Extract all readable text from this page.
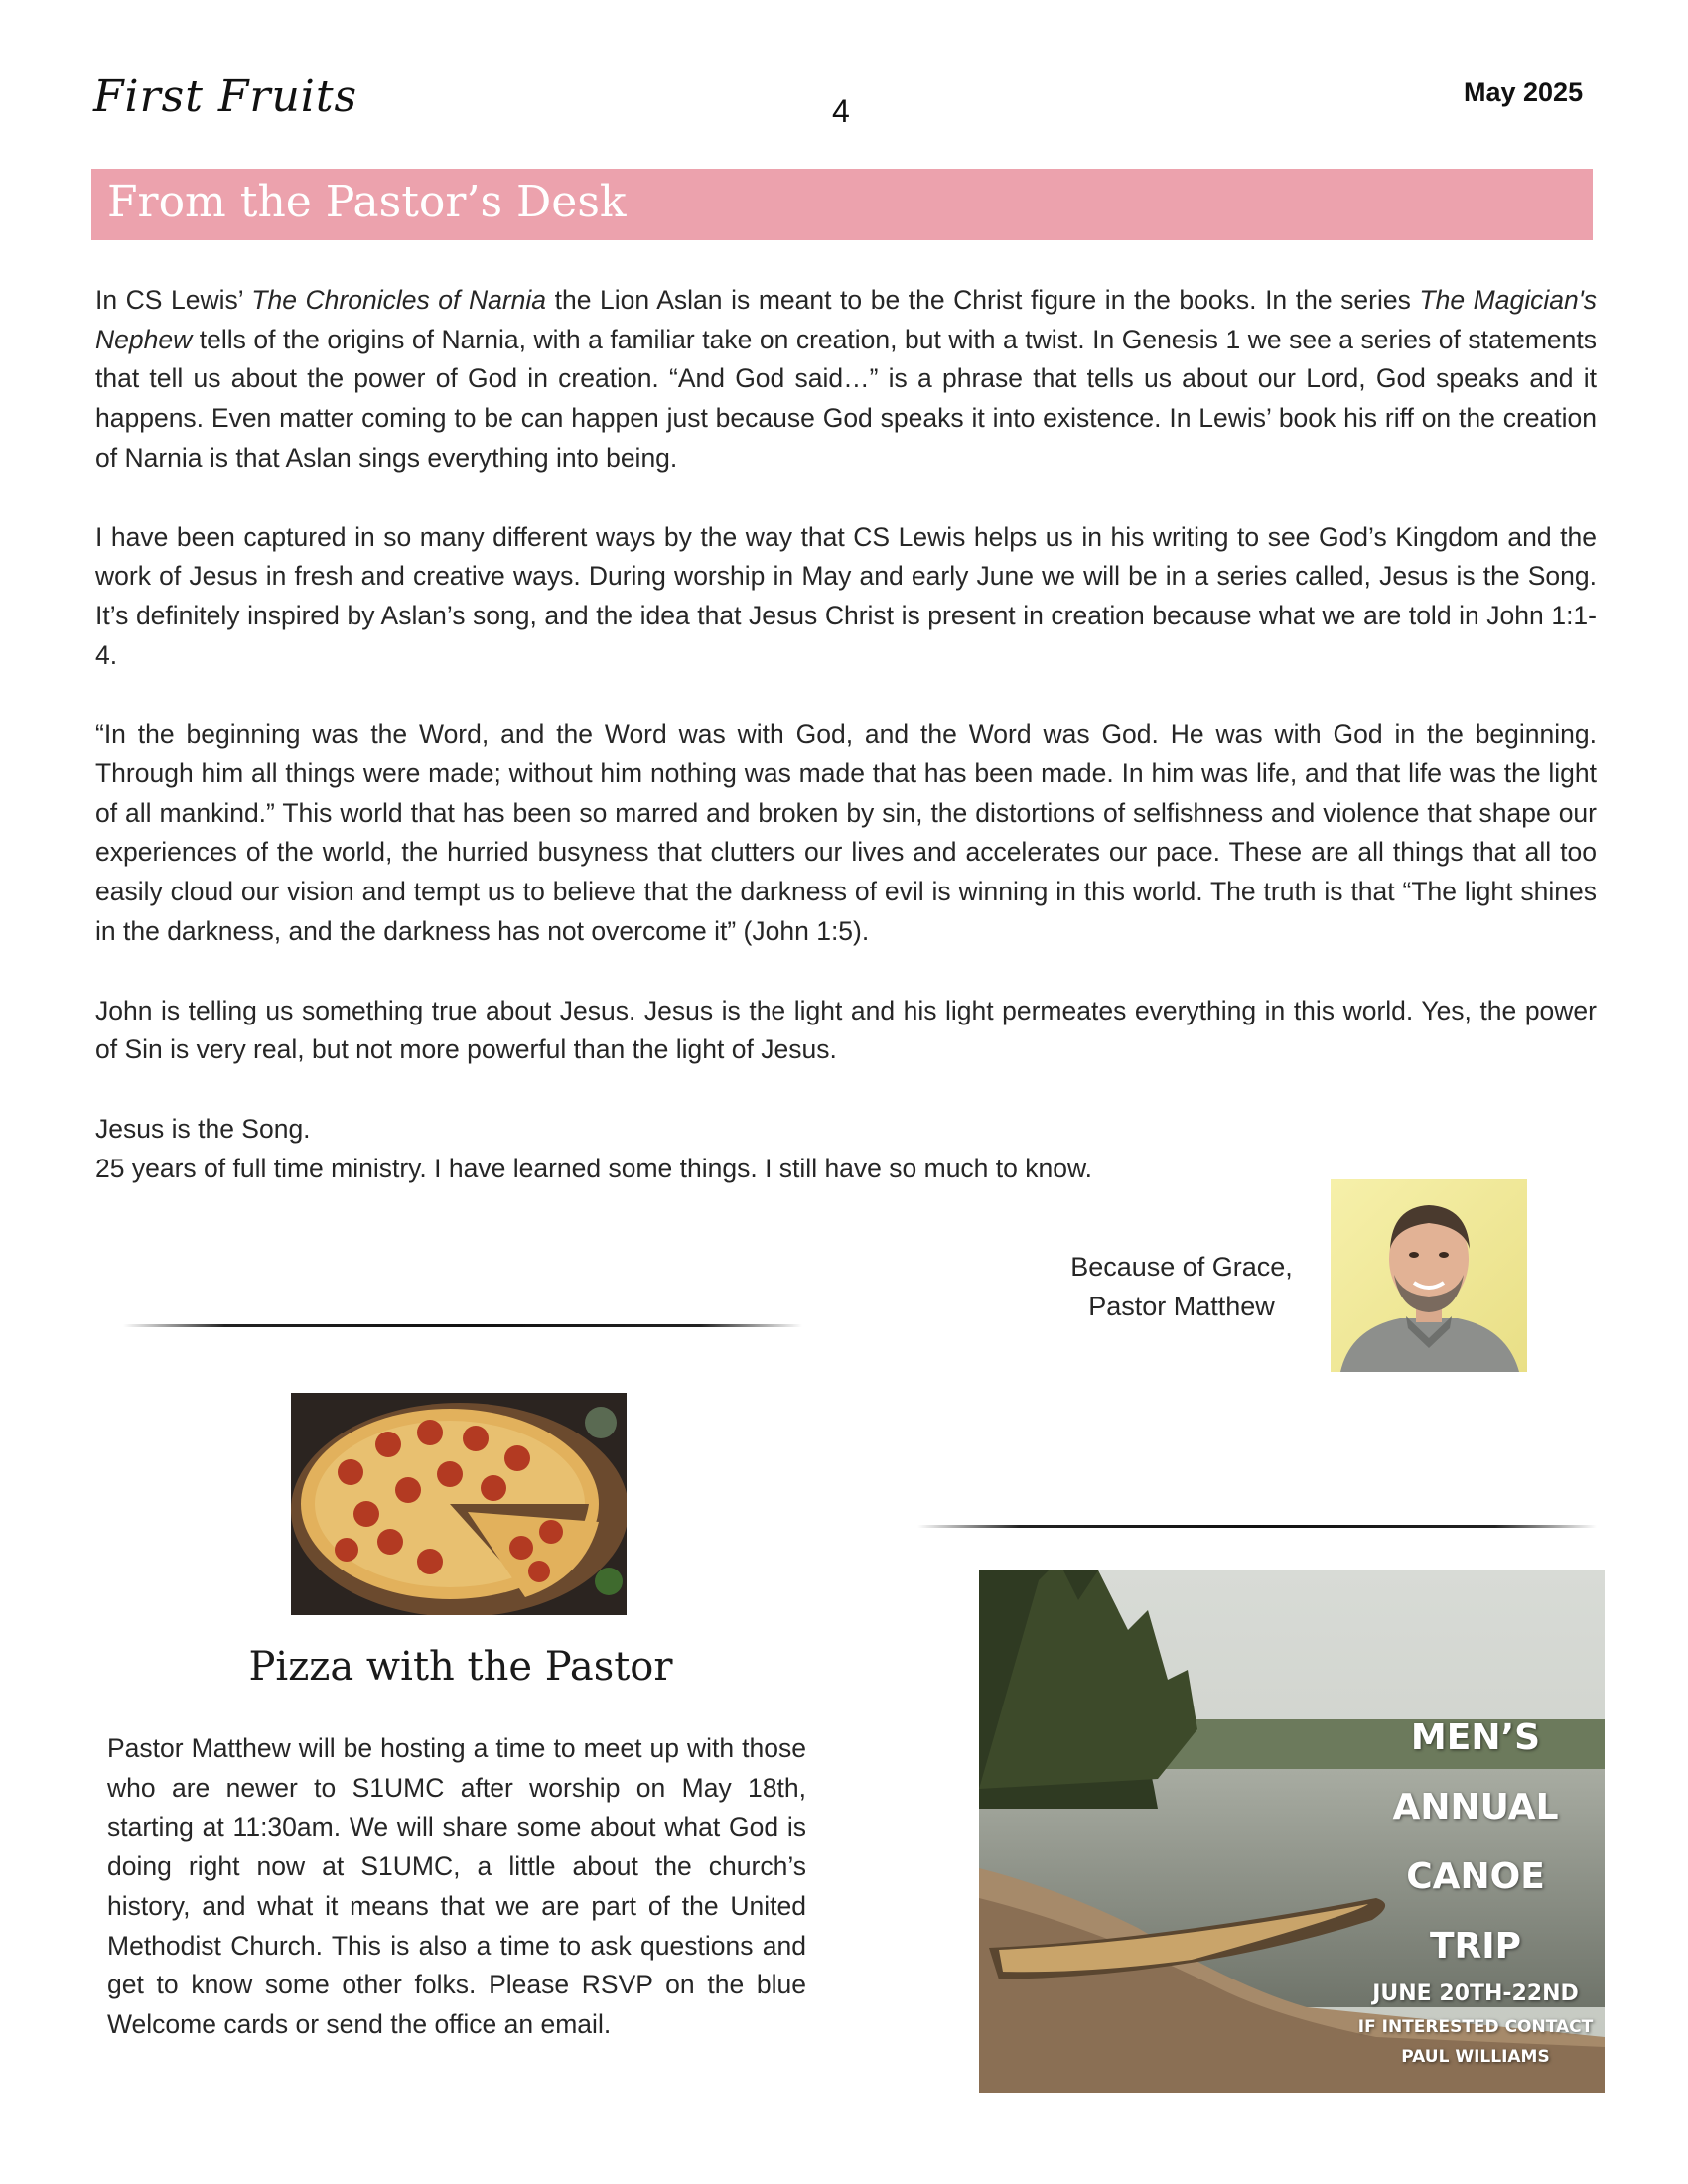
First Fruits	4
May 2025
From the Pastor’s Desk

In CS Lewis’ The Chronicles of Narnia the Lion Aslan is meant to be the Christ figure in the books. In the series The Magician's Nephew tells of the origins of Narnia, with a familiar take on creation, but with a twist. In Genesis 1 we see a series of statements that tell us about the power of God in creation. “And God said…” is a phrase that tells us about our Lord, God speaks and it happens. Even matter coming to be can happen just because God speaks it into existence. In Lewis’ book his riff on the creation of Narnia is that Aslan sings everything into being.

I have been captured in so many different ways by the way that CS Lewis helps us in his writing to see God’s Kingdom and the work of Jesus in fresh and creative ways. During worship in May and early June we will be in a series called, Jesus is the Song. It’s definitely inspired by Aslan’s song, and the idea that Jesus Christ is present in creation because what we are told in John 1:1-4.

“In the beginning was the Word, and the Word was with God, and the Word was God. He was with God in the beginning. Through him all things were made; without him nothing was made that has been made. In him was life, and that life was the light of all mankind.” This world that has been so marred and broken by sin, the distortions of selfishness and violence that shape our experiences of the world, the hurried busyness that clutters our lives and accelerates our pace. These are all things that all too easily cloud our vision and tempt us to believe that the darkness of evil is winning in this world. The truth is that “The light shines in the darkness, and the darkness has not overcome it” (John 1:5).

John is telling us something true about Jesus. Jesus is the light and his light permeates everything in this world. Yes, the power of Sin is very real, but not more powerful than the light of Jesus.

Jesus is the Song.

25 years of full time ministry. I have learned some things. I still have so much to know.

Because of Grace,
Pastor Matthew
Pizza with the Pastor
Pastor Matthew will be hosting a time to meet up with those who are newer to S1UMC after worship on May 18th, starting at 11:30am. We will share some about what God is doing right now at S1UMC, a little about the church’s history, and what it means that we are part of the United Methodist Church. This is also a time to ask questions and get to know some other folks. Please RSVP on the blue Welcome cards or send the office an email.
MEN’S
ANNUAL
CANOE
TRIP
JUNE 20TH-22ND
IF INTERESTED CONTACT
PAUL WILLIAMS
